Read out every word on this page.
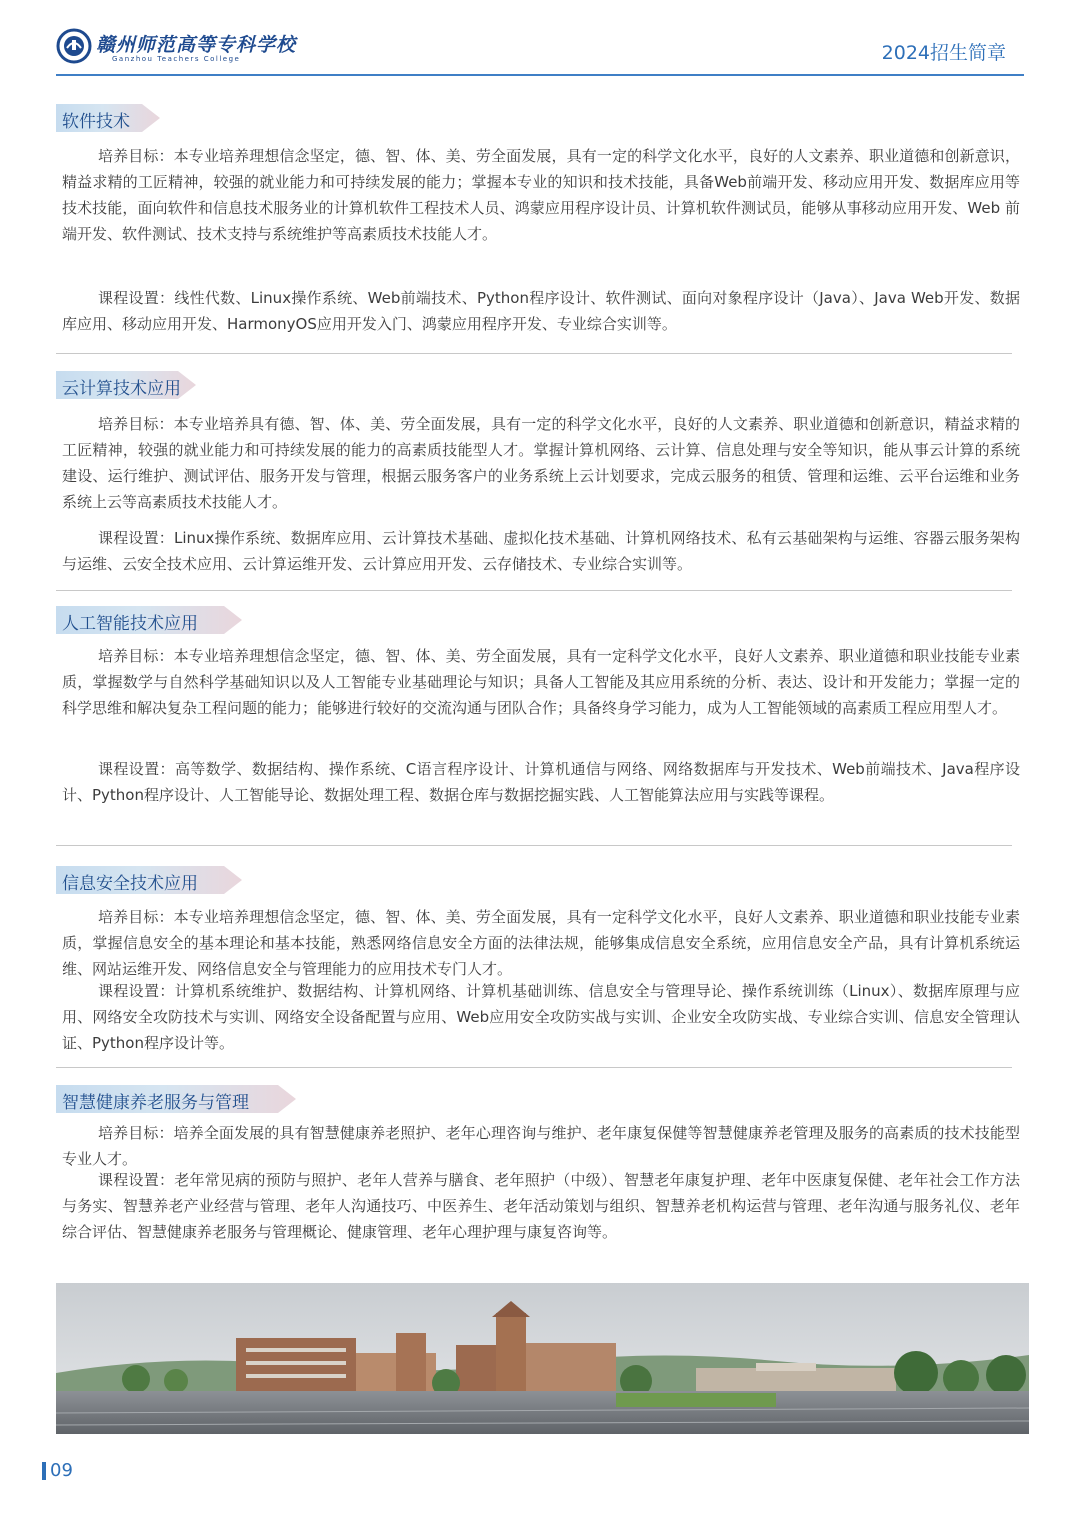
赣州师范高等专科学校
Ganzhou Teachers College	2024招生简章
软件技术

培养目标：本专业培养理想信念坚定，德、智、体、美、劳全面发展，具有一定的科学文化水平，良好的人文素养、职业道德和创新意识，精益求精的工匠精神，较强的就业能力和可持续发展的能力；掌握本专业的知识和技术技能，具备Web前端开发、移动应用开发、数据库应用等技术技能，面向软件和信息技术服务业的计算机软件工程技术人员、鸿蒙应用程序设计员、计算机软件测试员，能够从事移动应用开发、Web 前端开发、软件测试、技术支持与系统维护等高素质技术技能人才。

课程设置：线性代数、Linux操作系统、Web前端技术、Python程序设计、软件测试、面向对象程序设计（Java）、Java Web开发、数据库应用、移动应用开发、HarmonyOS应用开发入门、鸿蒙应用程序开发、专业综合实训等。

云计算技术应用

培养目标：本专业培养具有德、智、体、美、劳全面发展，具有一定的科学文化水平，良好的人文素养、职业道德和创新意识，精益求精的工匠精神，较强的就业能力和可持续发展的能力的高素质技能型人才。掌握计算机网络、云计算、信息处理与安全等知识，能从事云计算的系统建设、运行维护、测试评估、服务开发与管理，根据云服务客户的业务系统上云计划要求，完成云服务的租赁、管理和运维、云平台运维和业务系统上云等高素质技术技能人才。

课程设置：Linux操作系统、数据库应用、云计算技术基础、虚拟化技术基础、计算机网络技术、私有云基础架构与运维、容器云服务架构与运维、云安全技术应用、云计算运维开发、云计算应用开发、云存储技术、专业综合实训等。

人工智能技术应用

培养目标：本专业培养理想信念坚定，德、智、体、美、劳全面发展，具有一定科学文化水平，良好人文素养、职业道德和职业技能专业素质，掌握数学与自然科学基础知识以及人工智能专业基础理论与知识；具备人工智能及其应用系统的分析、表达、设计和开发能力；掌握一定的科学思维和解决复杂工程问题的能力；能够进行较好的交流沟通与团队合作；具备终身学习能力，成为人工智能领域的高素质工程应用型人才。

课程设置：高等数学、数据结构、操作系统、C语言程序设计、计算机通信与网络、网络数据库与开发技术、Web前端技术、Java程序设计、Python程序设计、人工智能导论、数据处理工程、数据仓库与数据挖掘实践、人工智能算法应用与实践等课程。

信息安全技术应用

培养目标：本专业培养理想信念坚定，德、智、体、美、劳全面发展，具有一定科学文化水平，良好人文素养、职业道德和职业技能专业素质，掌握信息安全的基本理论和基本技能，熟悉网络信息安全方面的法律法规，能够集成信息安全系统，应用信息安全产品，具有计算机系统运维、网站运维开发、网络信息安全与管理能力的应用技术专门人才。

课程设置：计算机系统维护、数据结构、计算机网络、计算机基础训练、信息安全与管理导论、操作系统训练（Linux）、数据库原理与应用、网络安全攻防技术与实训、网络安全设备配置与应用、Web应用安全攻防实战与实训、企业安全攻防实战、专业综合实训、信息安全管理认证、Python程序设计等。

智慧健康养老服务与管理

培养目标：培养全面发展的具有智慧健康养老照护、老年心理咨询与维护、老年康复保健等智慧健康养老管理及服务的高素质的技术技能型专业人才。

课程设置：老年常见病的预防与照护、老年人营养与膳食、老年照护（中级）、智慧老年康复护理、老年中医康复保健、老年社会工作方法与务实、智慧养老产业经营与管理、老年人沟通技巧、中医养生、老年活动策划与组织、智慧养老机构运营与管理、老年沟通与服务礼仪、老年综合评估、智慧健康养老服务与管理概论、健康管理、老年心理护理与康复咨询等。

09
